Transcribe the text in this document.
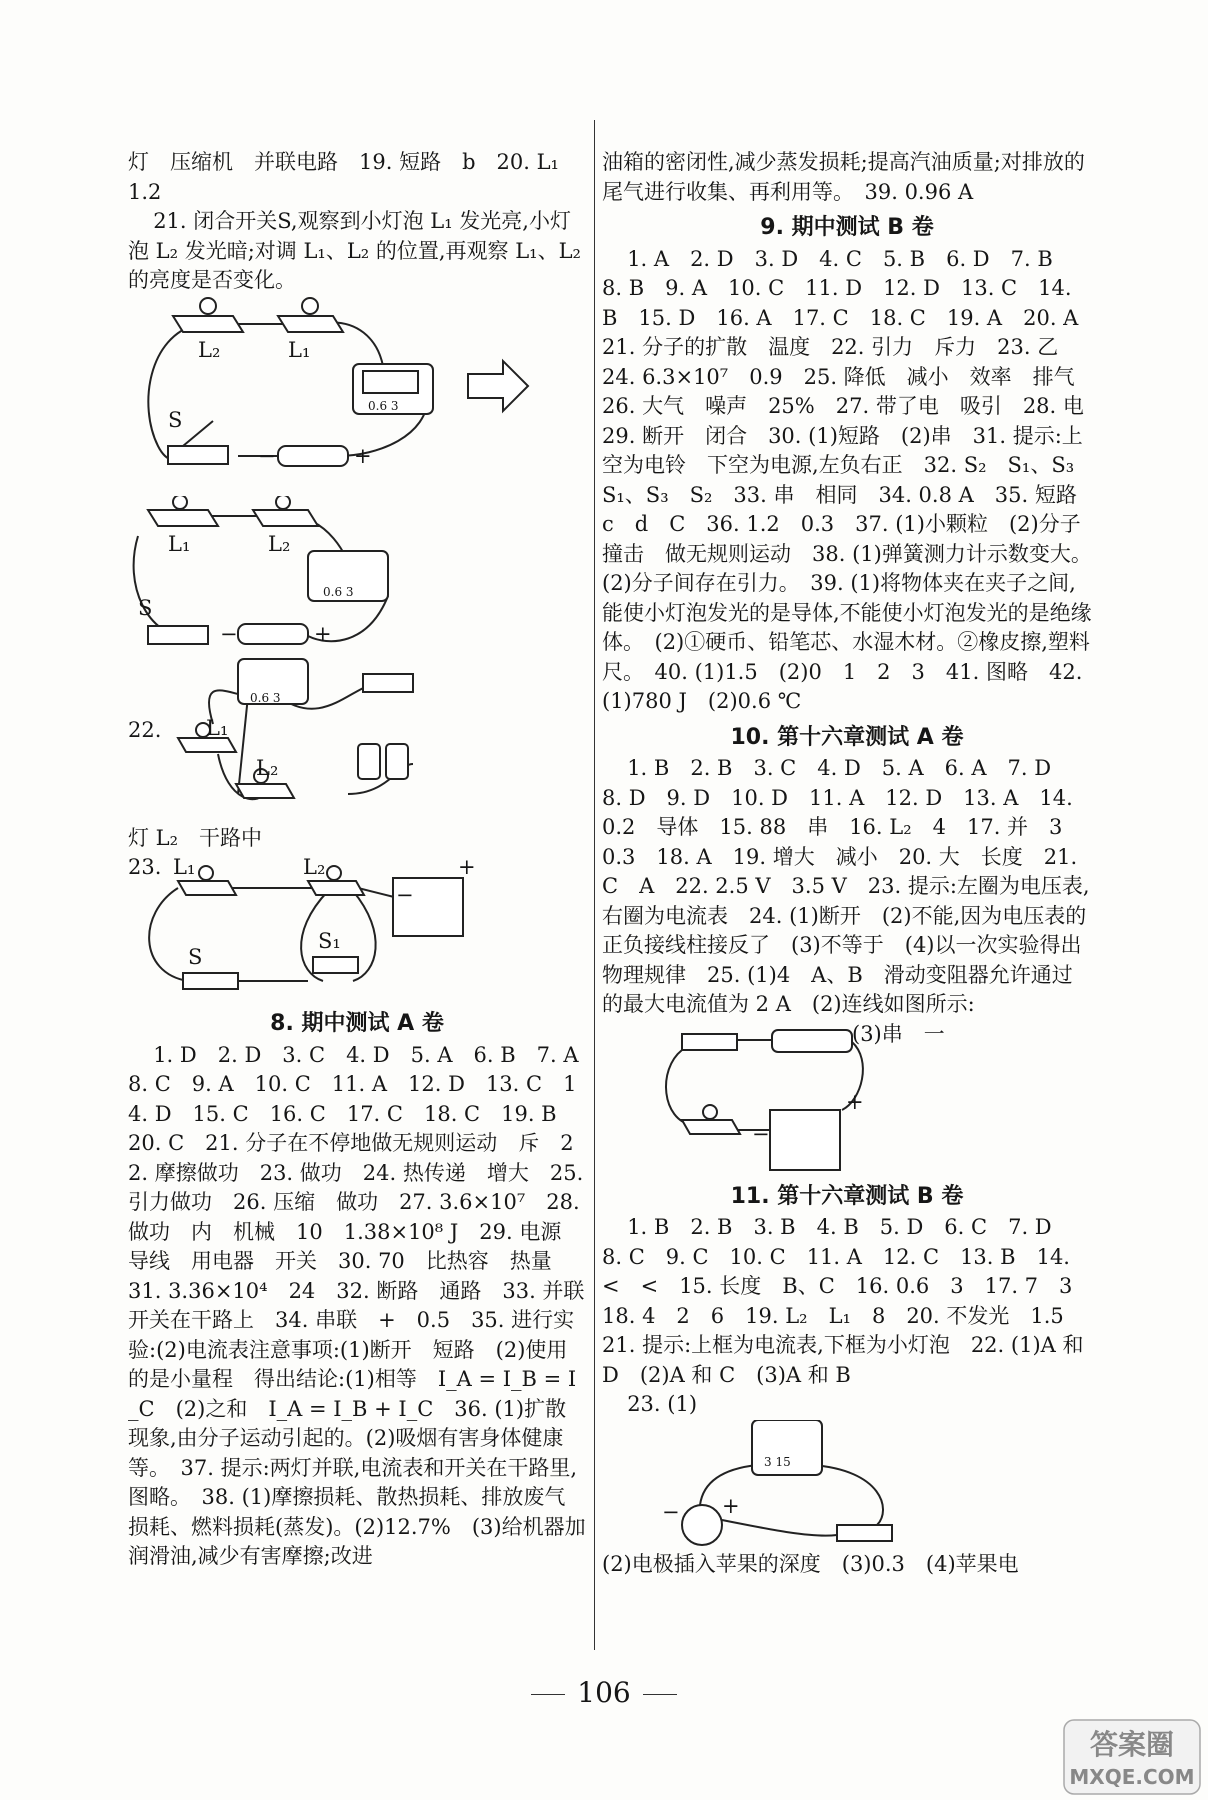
灯　压缩机　并联电路　19. 短路　b　20. L₁　1.2

21. 闭合开关S,观察到小灯泡 L₁ 发光亮,小灯泡 L₂ 发光暗;对调 L₁、L₂ 的位置,再观察 L₁、L₂ 的亮度是否变化。

L₂	L₁
S
0.6 3
−	+
L₁	L₂
S
0.6 3
−	+
22. L₁
L₂
0.6 3

灯 L₂　干路中

23. L₁	L₂
S
S₁
+
−
8. 期中测试 A 卷

1. D　2. D　3. C　4. D　5. A　6. B　7. A　8. C　9. A　10. C　11. A　12. D　13. C　14. D　15. C　16. C　17. C　18. C　19. B　20. C　21. 分子在不停地做无规则运动　斥　22. 摩擦做功　23. 做功　24. 热传递　增大　25. 引力做功　26. 压缩　做功　27. 3.6×10⁷　28. 做功　内　机械　10　1.38×10⁸ J　29. 电源　导线　用电器　开关　30. 70　比热容　热量　31. 3.36×10⁴　24　32. 断路　通路　33. 并联　开关在干路上　34. 串联　+　0.5　35. 进行实验:(2)电流表注意事项:(1)断开　短路　(2)使用的是小量程　得出结论:(1)相等　I_A = I_B = I_C　(2)之和　I_A = I_B + I_C　36. (1)扩散现象,由分子运动引起的。(2)吸烟有害身体健康等。　37. 提示:两灯并联,电流表和开关在干路里,图略。　38. (1)摩擦损耗、散热损耗、排放废气损耗、燃料损耗(蒸发)。(2)12.7%　(3)给机器加润滑油,减少有害摩擦;改进

油箱的密闭性,减少蒸发损耗;提高汽油质量;对排放的尾气进行收集、再利用等。　39. 0.96 A

9. 期中测试 B 卷

1. A　2. D　3. D　4. C　5. B　6. D　7. B　8. B　9. A　10. C　11. D　12. D　13. C　14. B　15. D　16. A　17. C　18. C　19. A　20. A　21. 分子的扩散　温度　22. 引力　斥力　23. 乙　24. 6.3×10⁷　0.9　25. 降低　减小　效率　排气　26. 大气　噪声　25%　27. 带了电　吸引　28. 电　29. 断开　闭合　30. (1)短路　(2)串　31. 提示:上空为电铃　下空为电源,左负右正　32. S₂　S₁、S₃　S₁、S₃　S₂　33. 串　相同　34. 0.8 A　35. 短路　c　d　C　36. 1.2　0.3　37. (1)小颗粒　(2)分子　撞击　做无规则运动　38. (1)弹簧测力计示数变大。(2)分子间存在引力。　39. (1)将物体夹在夹子之间,能使小灯泡发光的是导体,不能使小灯泡发光的是绝缘体。　(2)①硬币、铅笔芯、水湿木材。②橡皮擦,塑料尺。　40. (1)1.5　(2)0　1　2　3　41. 图略　42. (1)780 J　(2)0.6 ℃

10. 第十六章测试 A 卷

1. B　2. B　3. C　4. D　5. A　6. A　7. D　8. D　9. D　10. D　11. A　12. D　13. A　14. 0.2　导体　15. 88　串　16. L₂　4　17. 并　3　0.3　18. A　19. 增大　减小　20. 大　长度　21. C　A　22. 2.5 V　3.5 V　23. 提示:左圈为电压表,右圈为电流表　24. (1)断开　(2)不能,因为电压表的正负接线柱接反了　(3)不等于　(4)以一次实验得出物理规律　25. (1)4　A、B　滑动变阻器允许通过的最大电流值为 2 A　(2)连线如图所示:

(3)串　一
+
−
11. 第十六章测试 B 卷

1. B　2. B　3. B　4. B　5. D　6. C　7. D　8. C　9. C　10. C　11. A　12. C　13. B　14. <　<　15. 长度　B、C　16. 0.6　3　17. 7　3　18. 4　2　6　19. L₂　L₁　8　20. 不发光　1.5　21. 提示:上框为电流表,下框为小灯泡　22. (1)A 和 D　(2)A 和 C　(3)A 和 B

23. (1)

3 15
− +

(2)电极插入苹果的深度　(3)0.3　(4)苹果电

106
答案圈
MXQE.COM
